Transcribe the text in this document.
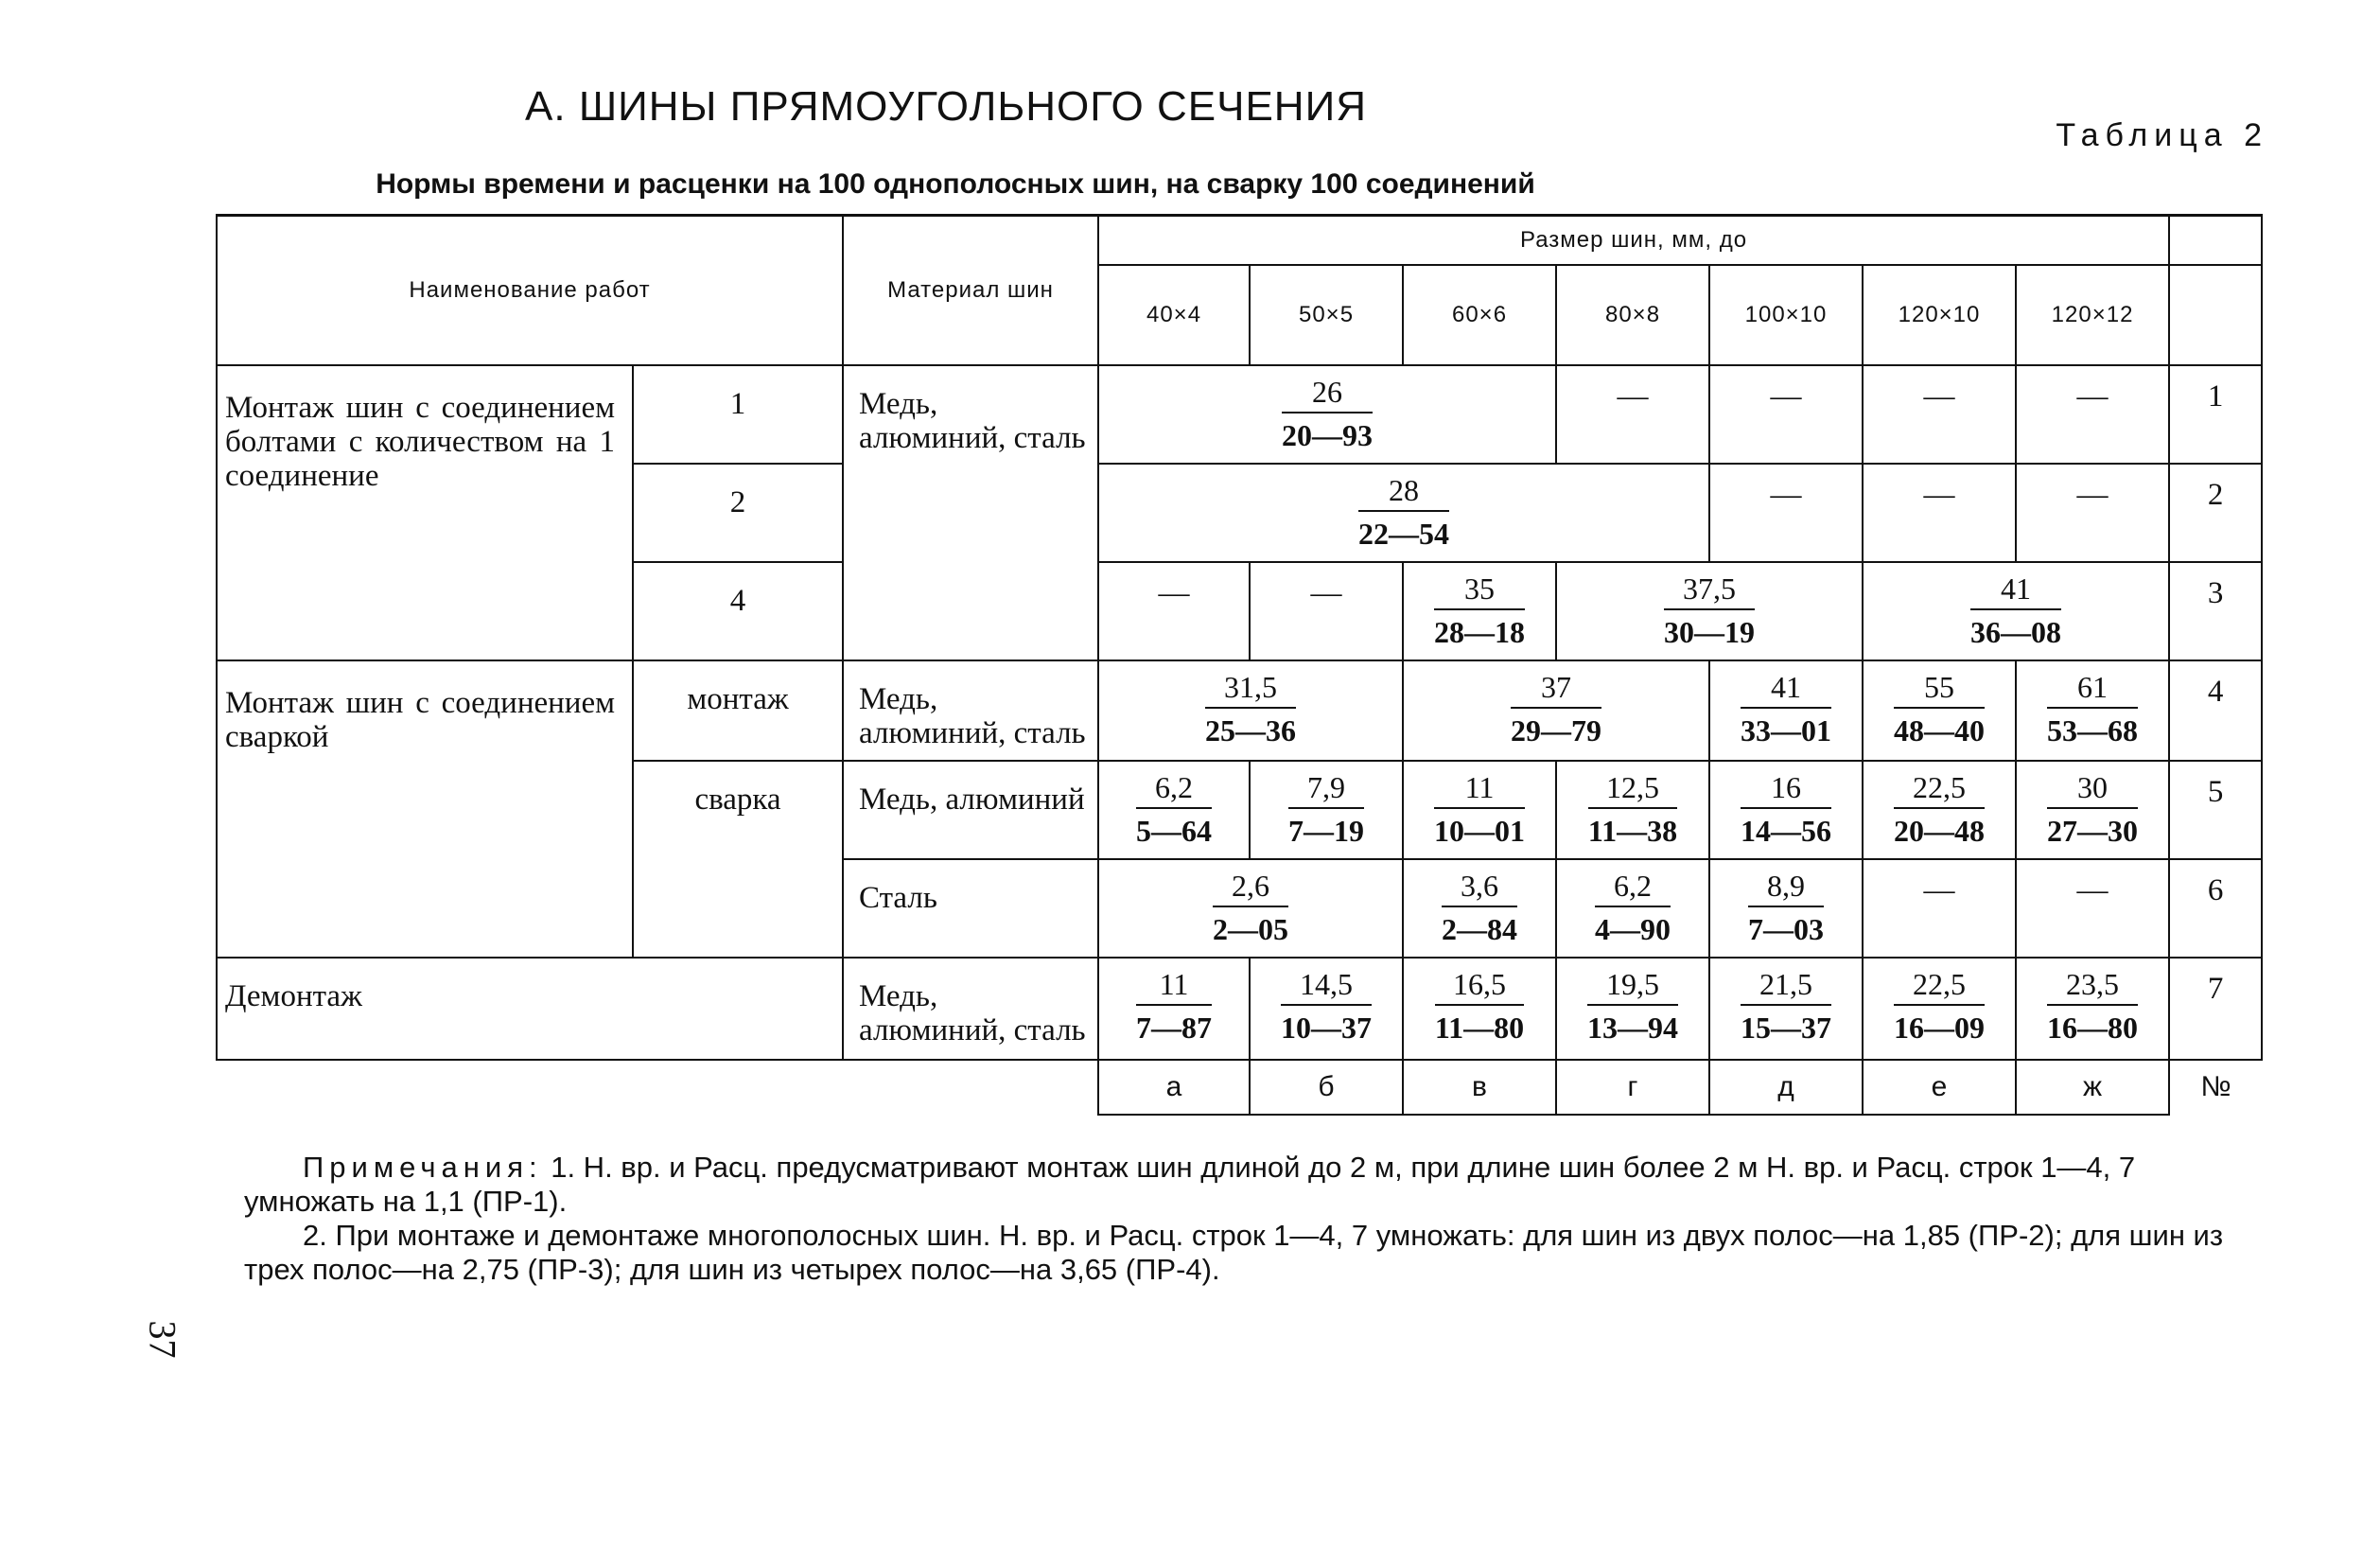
А. ШИНЫ ПРЯМОУГОЛЬНОГО СЕЧЕНИЯ
Таблица 2
Нормы времени и расценки на 100 однополосных шин, на сварку 100 соединений
Наименование работ		Материал шин	Размер шин, мм, до							
			40×4	50×5	60×6	80×8	100×10	120×10	120×12	
Монтаж шин с соединением болтами с количеством на 1 соединение	1	Медь, алюминий, сталь	$\frac{26}{20—93}$			—	—	—	—	1
	2		$\frac{28}{22—54}$				—	—	—	2
	4		—	—	$\frac{35}{28—18}$	$\frac{37,5}{30—19}$		$\frac{41}{36—08}$		3
Монтаж шин с соединением сваркой	монтаж	Медь, алюминий, сталь	$\frac{31,5}{25—36}$		$\frac{37}{29—79}$		$\frac{41}{33—01}$	$\frac{55}{48—40}$	$\frac{61}{53—68}$	4
	сварка	Медь, алюминий	$\frac{6,2}{5—64}$	$\frac{7,9}{7—19}$	$\frac{11}{10—01}$	$\frac{12,5}{11—38}$	$\frac{16}{14—56}$	$\frac{22,5}{20—48}$	$\frac{30}{27—30}$	5
		Сталь	$\frac{2,6}{2—05}$		$\frac{3,6}{2—84}$	$\frac{6,2}{4—90}$	$\frac{8,9}{7—03}$	—	—	6
Демонтаж		Медь, алюминий, сталь	$\frac{11}{7—87}$	$\frac{14,5}{10—37}$	$\frac{16,5}{11—80}$	$\frac{19,5}{13—94}$	$\frac{21,5}{15—37}$	$\frac{22,5}{16—09}$	$\frac{23,5}{16—80}$	7
			а	б	в	г	д	е	ж	№

Примечания: 1. Н. вр. и Расц. предусматривают монтаж шин длиной до 2 м, при длине шин более 2 м Н. вр. и Расц. строк 1—4, 7 умножать на 1,1 (ПР-1).

2. При монтаже и демонтаже многополосных шин. Н. вр. и Расц. строк 1—4, 7 умножать: для шин из двух полос—на 1,85 (ПР-2); для шин из трех полос—на 2,75 (ПР-3); для шин из четырех полос—на 3,65 (ПР-4).

37
